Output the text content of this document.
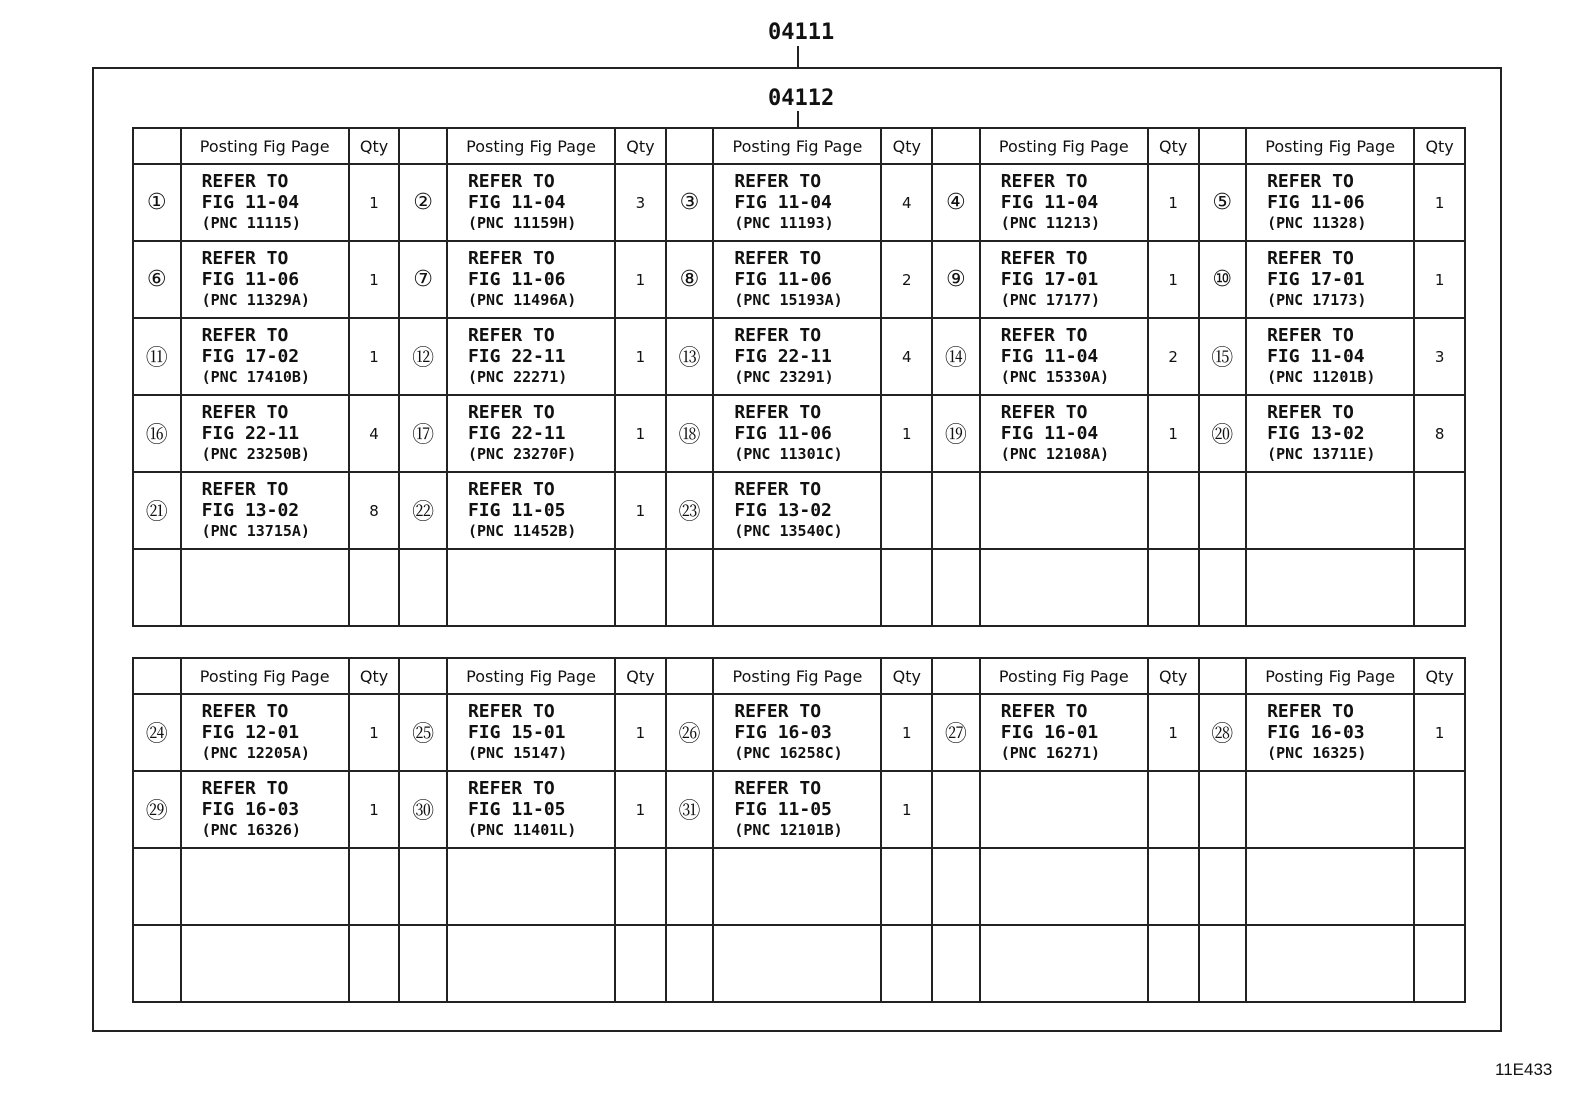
04111
04112
	Posting Fig Page	Qty		Posting Fig Page	Qty		Posting Fig Page	Qty		Posting Fig Page	Qty		Posting Fig Page	Qty
①	REFER TO
FIG 11-04
(PNC 11115)	1	②	REFER TO
FIG 11-04
(PNC 11159H)	3	③	REFER TO
FIG 11-04
(PNC 11193)	4	④	REFER TO
FIG 11-04
(PNC 11213)	1	⑤	REFER TO
FIG 11-06
(PNC 11328)	1
⑥	REFER TO
FIG 11-06
(PNC 11329A)	1	⑦	REFER TO
FIG 11-06
(PNC 11496A)	1	⑧	REFER TO
FIG 11-06
(PNC 15193A)	2	⑨	REFER TO
FIG 17-01
(PNC 17177)	1	⑩	REFER TO
FIG 17-01
(PNC 17173)	1
⑪	REFER TO
FIG 17-02
(PNC 17410B)	1	⑫	REFER TO
FIG 22-11
(PNC 22271)	1	⑬	REFER TO
FIG 22-11
(PNC 23291)	4	⑭	REFER TO
FIG 11-04
(PNC 15330A)	2	⑮	REFER TO
FIG 11-04
(PNC 11201B)	3
⑯	REFER TO
FIG 22-11
(PNC 23250B)	4	⑰	REFER TO
FIG 22-11
(PNC 23270F)	1	⑱	REFER TO
FIG 11-06
(PNC 11301C)	1	⑲	REFER TO
FIG 11-04
(PNC 12108A)	1	⑳	REFER TO
FIG 13-02
(PNC 13711E)	8
㉑	REFER TO
FIG 13-02
(PNC 13715A)	8	㉒	REFER TO
FIG 11-05
(PNC 11452B)	1	㉓	REFER TO
FIG 13-02
(PNC 13540C)							

	Posting Fig Page	Qty		Posting Fig Page	Qty		Posting Fig Page	Qty		Posting Fig Page	Qty		Posting Fig Page	Qty
㉔	REFER TO
FIG 12-01
(PNC 12205A)	1	㉕	REFER TO
FIG 15-01
(PNC 15147)	1	㉖	REFER TO
FIG 16-03
(PNC 16258C)	1	㉗	REFER TO
FIG 16-01
(PNC 16271)	1	㉘	REFER TO
FIG 16-03
(PNC 16325)	1
㉙	REFER TO
FIG 16-03
(PNC 16326)	1	㉚	REFER TO
FIG 11-05
(PNC 11401L)	1	㉛	REFER TO
FIG 11-05
(PNC 12101B)	1		

11E433
